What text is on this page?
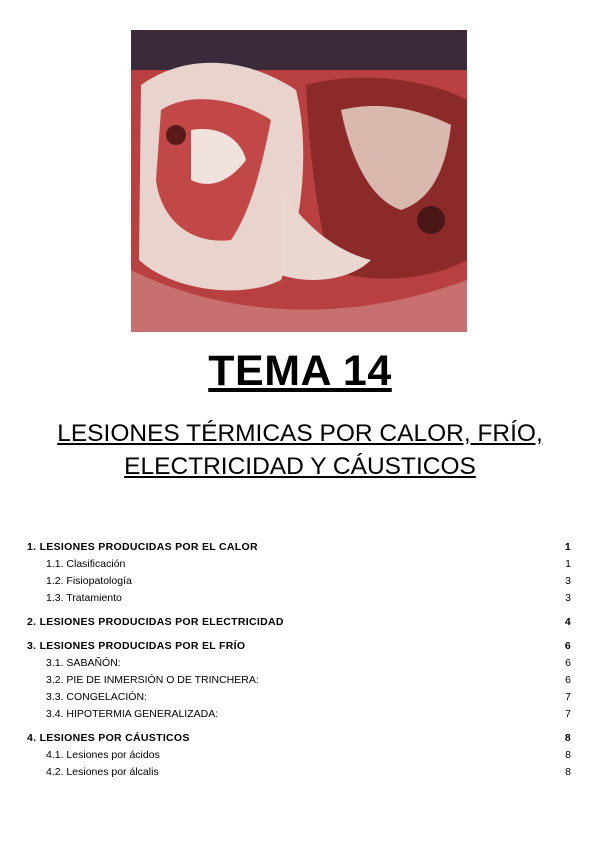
TEMA 14
LESIONES TÉRMICAS POR CALOR, FRÍO,
ELECTRICIDAD Y CÁUSTICOS
1. LESIONES PRODUCIDAS POR EL CALOR	1
1.1. Clasificación	1
1.2. Fisiopatología	3
1.3. Tratamiento	3
2. LESIONES PRODUCIDAS POR ELECTRICIDAD	4
3. LESIONES PRODUCIDAS POR EL FRÍO	6
3.1. SABAÑÓN:	6
3.2. PIE DE INMERSIÓN O DE TRINCHERA:	6
3.3. CONGELACIÓN:	7
3.4. HIPOTERMIA GENERALIZADA:	7
4. LESIONES POR CÁUSTICOS	8
4.1. Lesiones por ácidos	8
4.2. Lesiones por álcalis	8
